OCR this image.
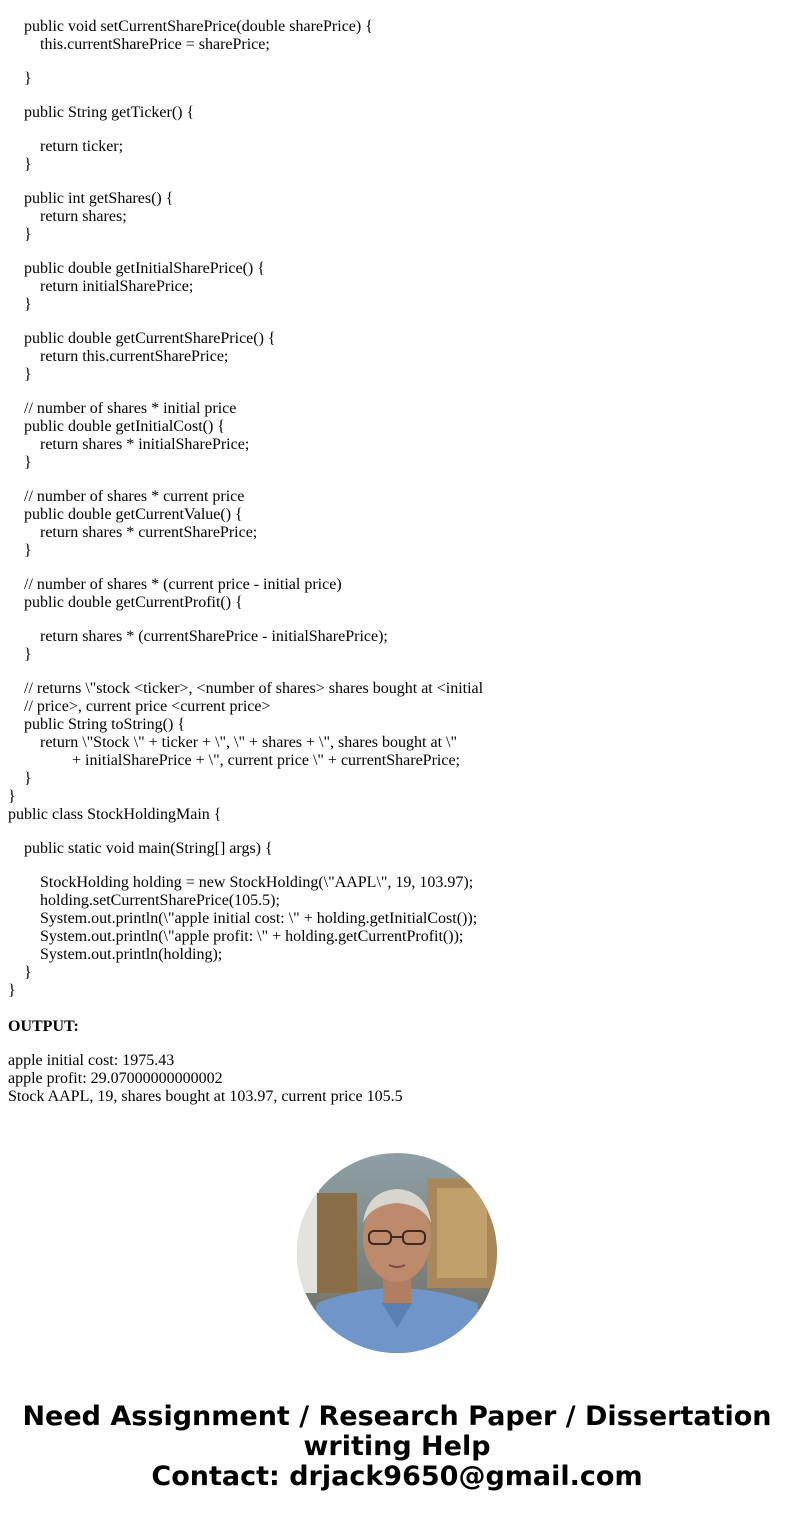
public void setCurrentSharePrice(double sharePrice) {
this.currentSharePrice = sharePrice;
}
public String getTicker() {
return ticker;
}
public int getShares() {
return shares;
}
public double getInitialSharePrice() {
return initialSharePrice;
}
public double getCurrentSharePrice() {
return this.currentSharePrice;
}
// number of shares * initial price
public double getInitialCost() {
return shares * initialSharePrice;
}
// number of shares * current price
public double getCurrentValue() {
return shares * currentSharePrice;
}
// number of shares * (current price - initial price)
public double getCurrentProfit() {
return shares * (currentSharePrice - initialSharePrice);
}
// returns \"stock <ticker>, <number of shares> shares bought at <initial
// price>, current price <current price>
public String toString() {
return \"Stock \" + ticker + \", \" + shares + \", shares bought at \"
+ initialSharePrice + \", current price \" + currentSharePrice;
}
}
public class StockHoldingMain {
public static void main(String[] args) {
StockHolding holding = new StockHolding(\"AAPL\", 19, 103.97);
holding.setCurrentSharePrice(105.5);
System.out.println(\"apple initial cost: \" + holding.getInitialCost());
System.out.println(\"apple profit: \" + holding.getCurrentProfit());
System.out.println(holding);
}
}

OUTPUT:

apple initial cost: 1975.43
apple profit: 29.07000000000002
Stock AAPL, 19, shares bought at 103.97, current price 105.5
Need Assignment / Research Paper / Dissertation
writing Help
Contact: drjack9650@gmail.com
